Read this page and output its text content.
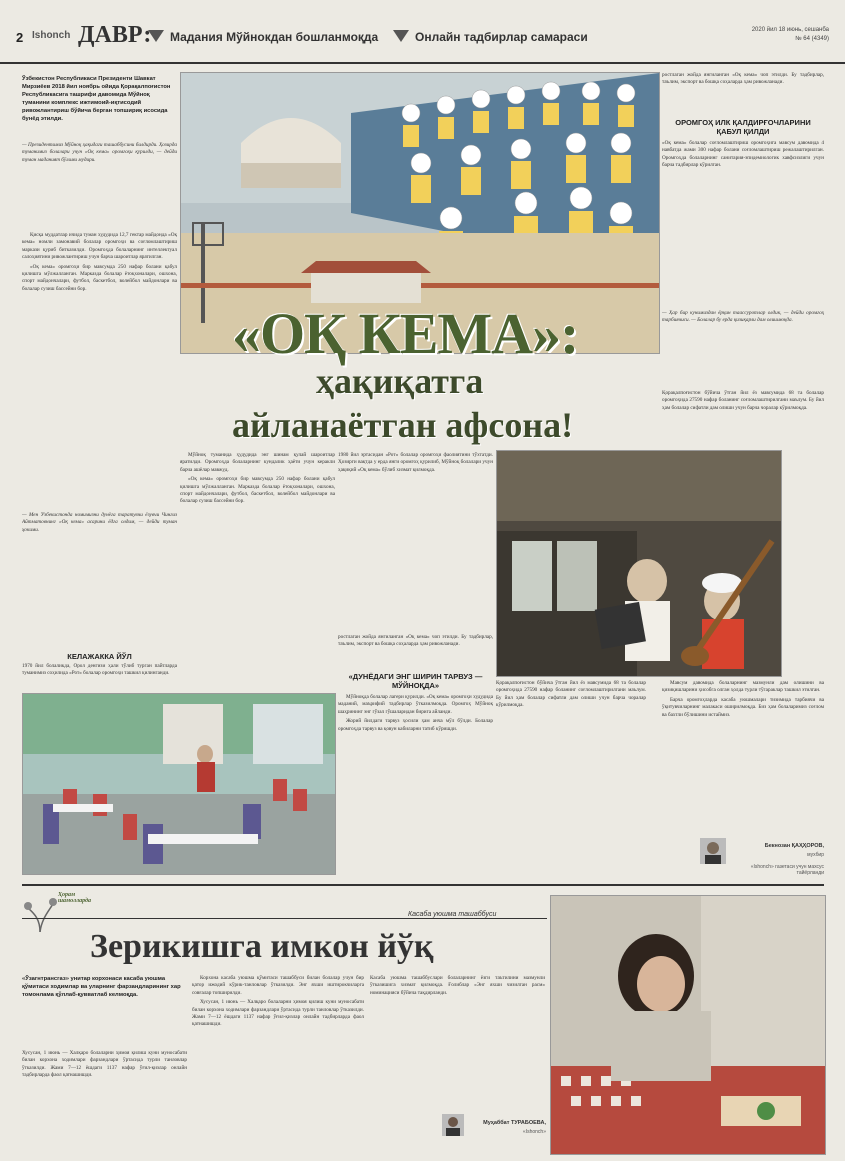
2 Ishonch ДАВР: Мадания Мўйнокдан бошланмоқда	Онлайн тадбирлар самараси	2020 йил 18 июнь, сешанба
№ 64 (4349)
Ўзбекистон Республикаси Президенти Шавкат Мирзиёев 2018 йил ноябрь ойида Қорақалпоғистон Республикасига ташрифи давомида Мўйноқ туманини комплекс ижтимоий-иқтисодий ривожлантириш бўйича берган топшириқ исосида бунёд этилди.
— Президентимиз Мўйноқ ҳақидаги ташаббусини билдирди. Ҳозирда туманимиз болалари учун «Оқ кема» оромгоҳи қурилди, — дейди туман маданият бўлими мудири.

Қисқа муддатлар ичида туман худудида 12,7 гектар майдонда «Оқ кема» номли замонавий болалар оромгоҳи ва соғломлаштириш маркази қуриб битказилди. Оромгоҳда болаларнинг интеллектуал салоҳиятини ривожлантириш учун барча шароитлар яратилган.

«Оқ кема» оромгоҳи бир мавсумда 250 нафар болани қабул қилишга мўлжалланган. Марказда болалар ётоқхоналари, ошхона, спорт майдончалари, футбол, баскетбол, волейбол майдонлари ва болалар сузиш бассейни бор.

— Мен Ўзбекистонда номимизни дунёга таратувчи ёзувчи Чингиз Айтматовнинг «Оқ кема» асарини ёдга олдим, — дейди туман ҳокими.
КЕЛАЖАККА ЙЎЛ
1970 йил болаликда, Орол денгизи ҳали тўлиб турган пайтларда туманимиз соҳилида «Рот» болалар оромгоҳи ташкил қилинганди.
«ОҚ КЕМА»:
ҳақиқатга
айланаётган афсона!

Мўйноқ туманида ҳудудида энг шинам қулай шароитлар яратилди. Оромгоҳда болаларнинг кундалик ҳаёти учун керакли барча ашёлар мавжуд.

«Оқ кема» оромгоҳи бир мавсумда 250 нафар болани қабул қилишга мўлжалланган. Марказда болалар ётоқхоналари, ошхона, спорт майдончалари, футбол, баскетбол, волейбол майдонлари ва болалар сузиш бассейни бор.

1980 йил эртасидан «Рот» болалар оромгоҳи фаолиятини тўхтатди. Ҳозирги вақтда у ерда янги оромгоҳ қурилиб, Мўйноқ болалари учун ҳақиқий «Оқ кема» бўлиб хизмат қилмоқда.
ростлаган жойда янгиланган «Оқ кема» чоп этилди. Бу тадбирлар, таълим, экспорт ва бошқа соҳаларда ҳам ривожланади.
«ДУНЁДАГИ ЭНГ ШИРИН ТАРВУЗ — МЎЙНОҚДА»

Мўйноқда болалар лагери қурилди. «Оқ кема» оромгоҳи худудида маданий, маърифий тадбирлар ўтказилмоқда. Оромгоҳ Мўйноқ шаҳрининг энг гўзал гўшаларидан бирига айланди.

Жорий йилдаги тарвуз ҳосили ҳам анча мўл бўлди. Болалар оромгоҳда тарвуз ва қовун кабиларни татиб кўришди.

Қорақалпоғистон бўйича ўтган йил ёз мавсумида 68 та болалар оромгоҳида 27590 нафар боланинг соғломлаштирилгани маълум. Бу йил ҳам болалар сифатли дам олиши учун барча чоралар кўрилмоқда.
ростлаган жойда янгиланган «Оқ кема» чоп этилди. Бу тадбирлар, таълим, экспорт ва бошқа соҳаларда ҳам ривожланади.
ОРОМГОҲ ИЛК ҚАЛДИРҒОЧЛАРИНИ ҚАБУЛ ҚИЛДИ
«Оқ кема» болалар соғломлаштириш оромгоҳига мавсум давомида 4 навбатда жами 300 нафар болани соғломлаштириш режалаштирилган. Оромгоҳда болаларнинг санитария-эпидемиологик хавфсизлиги учун барча тадбирлар кўрилган.
— Ҳар бир кунимиздан ёрқин таассуротлар олдик, — дейди оромгоҳ тарбиячиси. — Болалар бу ерда қизиқарли дам олишмоқда.
Қорақалпоғистон бўйича ўтган йил ёз мавсумида 68 та болалар оромгоҳида 27590 нафар боланинг соғломлаштирилгани маълум. Бу йил ҳам болалар сифатли дам олиши учун барча чоралар кўрилмоқда.

Мавсум давомида болаларнинг мазмунли дам олишини ва қизиқишларини ҳисобга олган ҳолда турли тўгараклар ташкил этилган.

Барча оромгоҳларда касаба уюшмалари тизимида тарбиячи ва ўқитувчиларнинг малакаси оширилмоқда. Биз ҳам болаларимиз соғлом ва бахтли бўлишини истаймиз.

Бекнозан ҚАҲҲОРОВ,
мухбир
«Ishonch» газетаси учун махсус тайёрланди
Ҳорам
шамолларда
Касаба уюшма ташаббуси
Зерикишга имкон йўқ
«Ўзагнтрансгаз» унитар корхонаси касаба уюшма қўмитаси ходимлар ва уларнинг фарзандларининг хар томонлама қўллаб-қувватлаб келмоқда.
Хусусан, 1 июнь — Халқаро болаларни ҳимоя қилиш куни муносабати билан корхона ходимлари фарзандлари ўртасида турли танловлар ўтказилди. Жами 7—12 ёшдаги 1137 нафар ўғил-қизлар онлайн тадбирларда фаол қатнашишди.

Корхона касаба уюшма қўмитаси ташаббуси билан болалар учун бир қатор ижодий кўрик-танловлар ўтказилди. Энг яхши иштирокчиларга совғалар топширилди.

Хусусан, 1 июнь — Халқаро болаларни ҳимоя қилиш куни муносабати билан корхона ходимлари фарзандлари ўртасида турли танловлар ўтказилди. Жами 7—12 ёшдаги 1137 нафар ўғил-қизлар онлайн тадбирларда фаол қатнашишди.

Касаба уюшма ташаббуслари болаларнинг ёзги таътилини мазмунли ўтказишига хизмат қилмоқда. Ғолиблар «Энг яхши чизилган расм» номинацияси бўйича тақдирланди.
Муҳаббат ТУРАБОЕВА,
«Ishonch»
